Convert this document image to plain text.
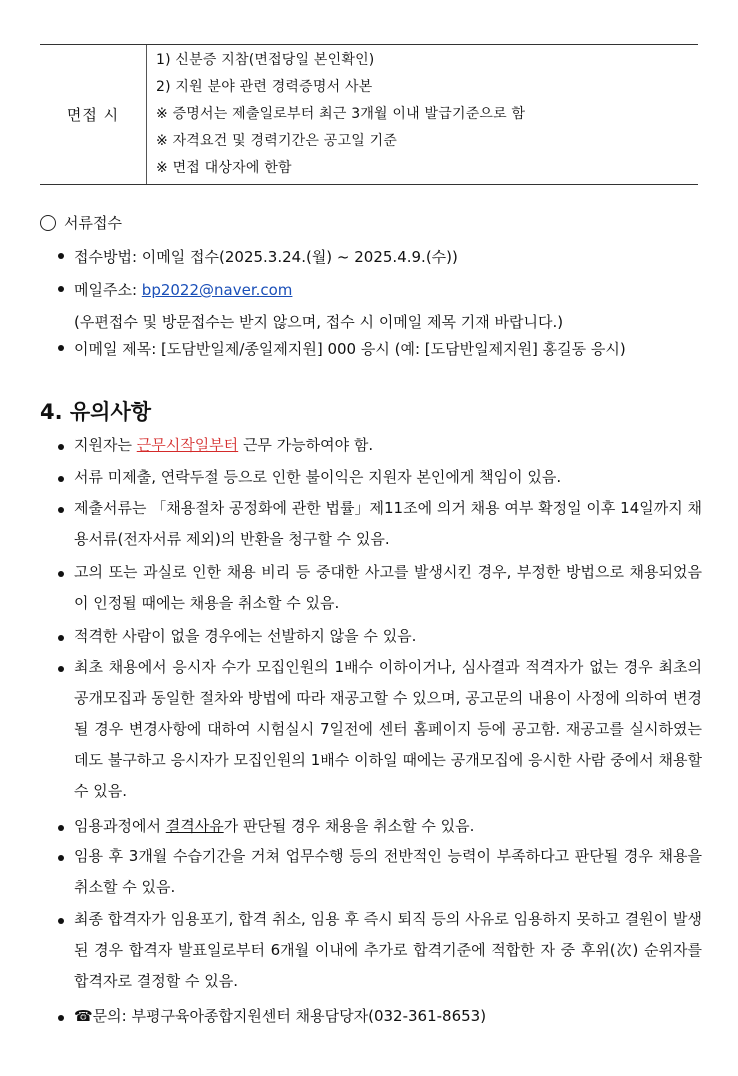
면접 시
1) 신분증 지참(면접당일 본인확인)
2) 지원 분야 관련 경력증명서 사본
※ 증명서는 제출일로부터 최근 3개월 이내 발급기준으로 함
※ 자격요건 및 경력기간은 공고일 기준
※ 면접 대상자에 한함
서류접수
접수방법: 이메일 접수(2025.3.24.(월) ~ 2025.4.9.(수))
메일주소: bp2022@naver.com
(우편접수 및 방문접수는 받지 않으며, 접수 시 이메일 제목 기재 바랍니다.)
이메일 제목: [도담반일제/종일제지원] 000 응시 (예: [도담반일제지원] 홍길동 응시)
4. 유의사항
지원자는 근무시작일부터 근무 가능하여야 함.
서류 미제출, 연락두절 등으로 인한 불이익은 지원자 본인에게 책임이 있음.
제출서류는 「채용절차 공정화에 관한 법률」제11조에 의거 채용 여부 확정일 이후 14일까지 채용서류(전자서류 제외)의 반환을 청구할 수 있음.
고의 또는 과실로 인한 채용 비리 등 중대한 사고를 발생시킨 경우, 부정한 방법으로 채용되었음이 인정될 때에는 채용을 취소할 수 있음.
적격한 사람이 없을 경우에는 선발하지 않을 수 있음.
최초 채용에서 응시자 수가 모집인원의 1배수 이하이거나, 심사결과 적격자가 없는 경우 최초의 공개모집과 동일한 절차와 방법에 따라 재공고할 수 있으며, 공고문의 내용이 사정에 의하여 변경될 경우 변경사항에 대하여 시험실시 7일전에 센터 홈페이지 등에 공고함. 재공고를 실시하였는데도 불구하고 응시자가 모집인원의 1배수 이하일 때에는 공개모집에 응시한 사람 중에서 채용할 수 있음.
임용과정에서 결격사유가 판단될 경우 채용을 취소할 수 있음.
임용 후 3개월 수습기간을 거쳐 업무수행 등의 전반적인 능력이 부족하다고 판단될 경우 채용을 취소할 수 있음.
최종 합격자가 임용포기, 합격 취소, 임용 후 즉시 퇴직 등의 사유로 임용하지 못하고 결원이 발생된 경우 합격자 발표일로부터 6개월 이내에 추가로 합격기준에 적합한 자 중 후위(次) 순위자를 합격자로 결정할 수 있음.
☎문의: 부평구육아종합지원센터 채용담당자(032-361-8653)
